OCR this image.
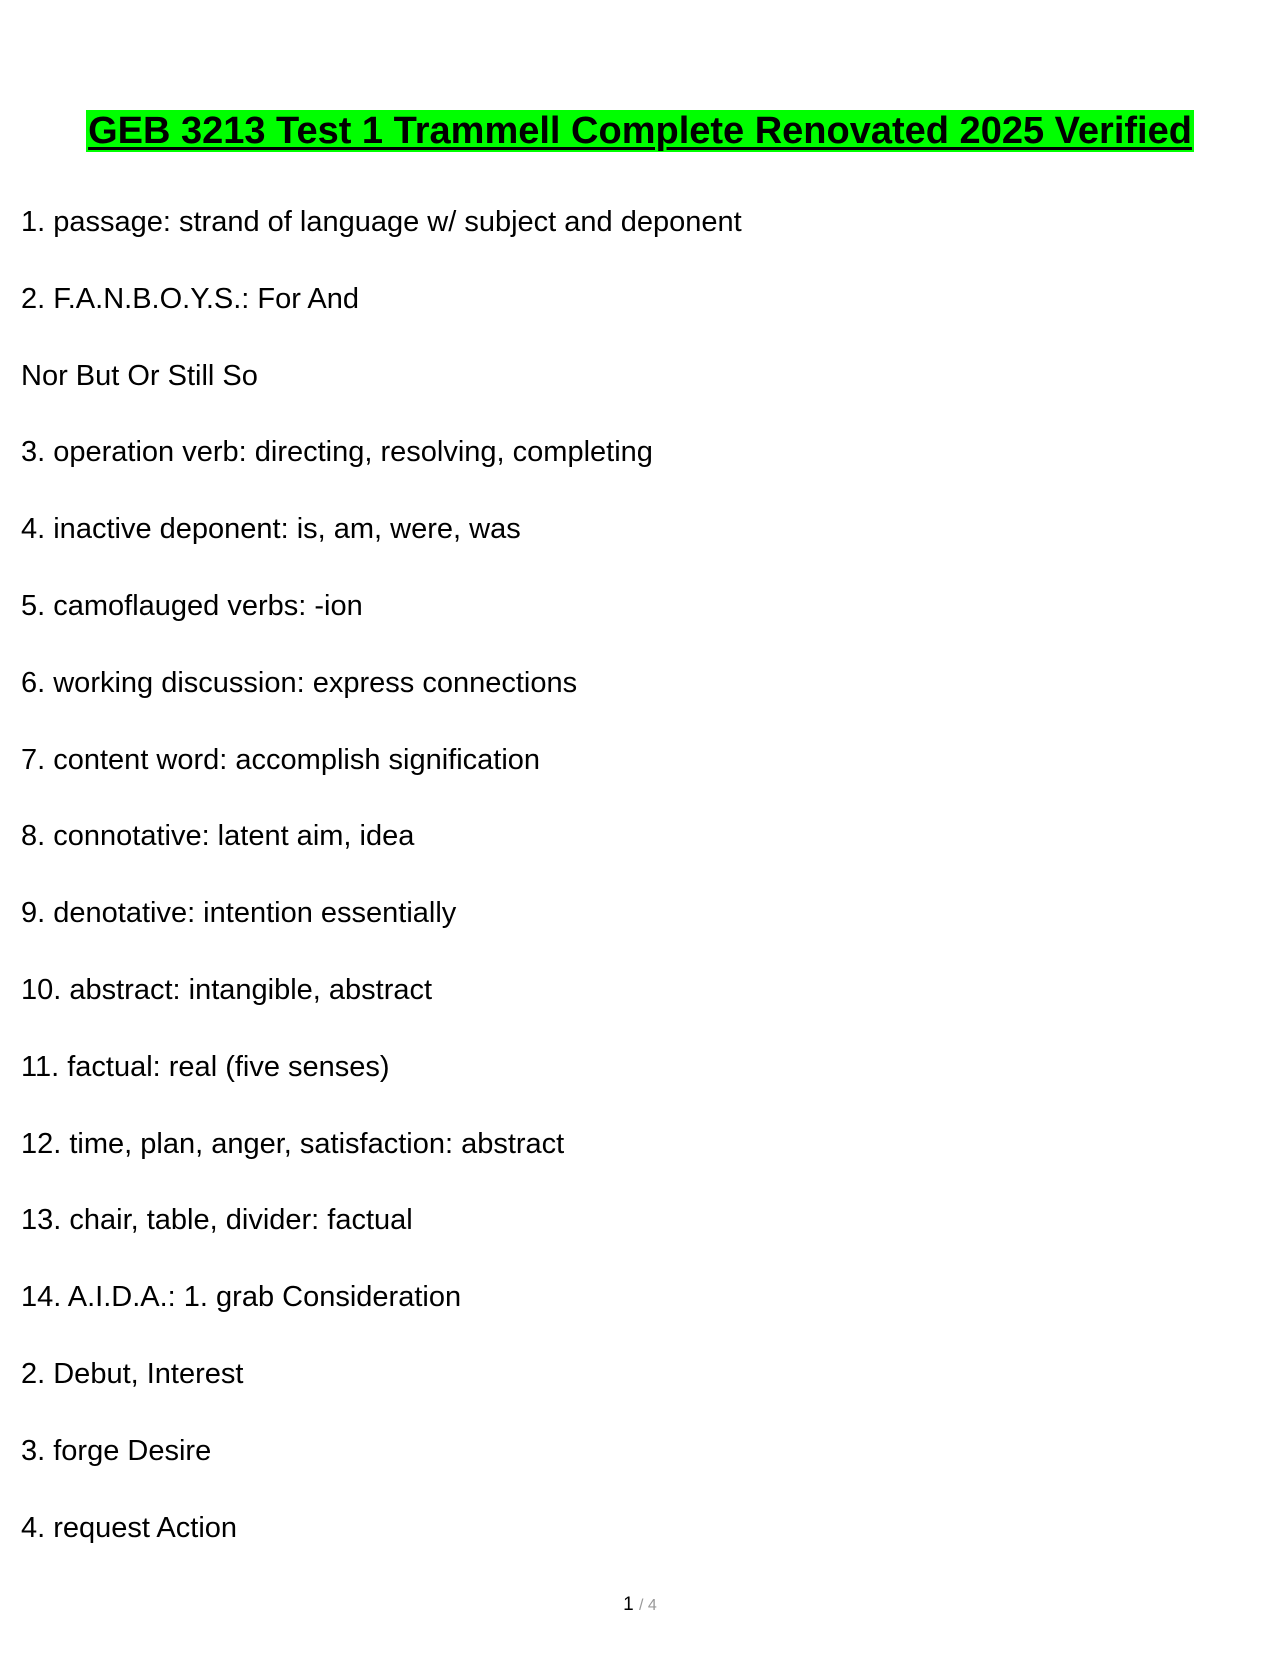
GEB 3213 Test 1 Trammell Complete Renovated 2025 Verified
1. passage: strand of language w/ subject and deponent
2. F.A.N.B.O.Y.S.: For And
Nor But Or Still So
3. operation verb: directing, resolving, completing
4. inactive deponent: is, am, were, was
5. camoflauged verbs: -ion
6. working discussion: express connections
7. content word: accomplish signification
8. connotative: latent aim, idea
9. denotative: intention essentially
10. abstract: intangible, abstract
11. factual: real (five senses)
12. time, plan, anger, satisfaction: abstract
13. chair, table, divider: factual
14. A.I.D.A.: 1. grab Consideration
2. Debut, Interest
3. forge Desire
4. request Action
1 / 4
